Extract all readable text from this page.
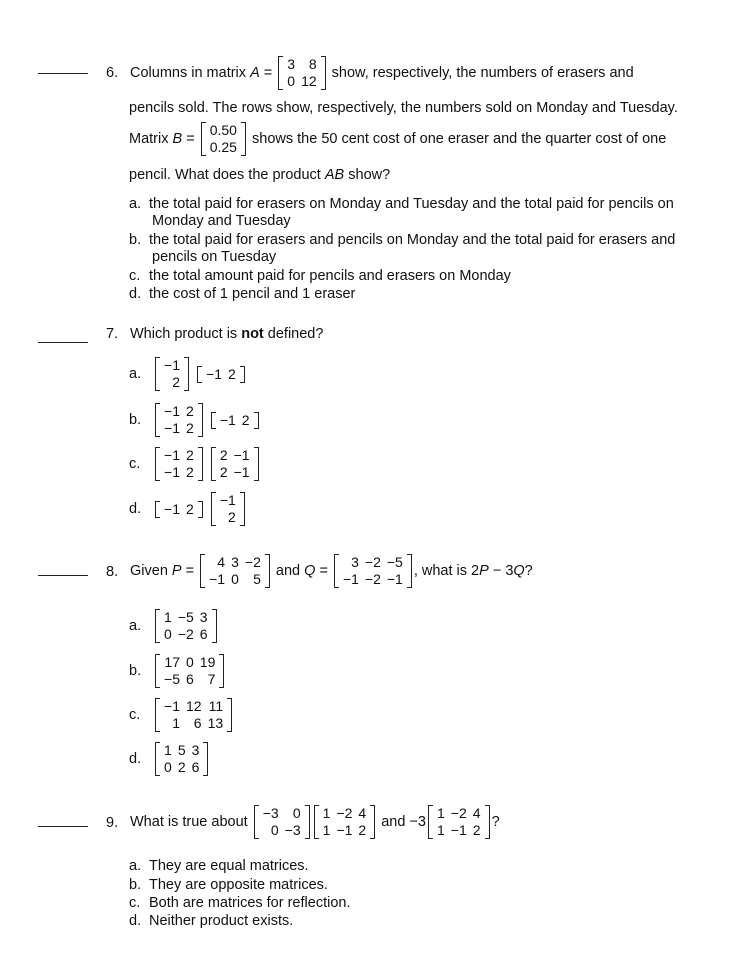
6. Columns in matrix A =
3	8
0	12
show, respectively, the numbers of erasers and
pencils sold. The rows show, respectively, the numbers sold on Monday and Tuesday.
Matrix B =
0.50
0.25
shows the 50 cent cost of one eraser and the quarter cost of one
pencil. What does the product AB show?
a. the total paid for erasers on Monday and Tuesday and the total paid for pencils on
Monday and Tuesday
b. the total paid for erasers and pencils on Monday and the total paid for erasers and
pencils on Tuesday
c. the total amount paid for pencils and erasers on Monday
d. the cost of 1 pencil and 1 eraser
7. Which product is not defined?
a.
−1
2

−1	2
b.
−1	2
−1	2

−1	2
c.
−1	2
−1	2

2	−1
2	−1
d. −1	2

−1
2
8. Given P =
4	3	−2
−1	0	5
and Q =
3	−2	−5
−1	−2	−1
, what is 2P − 3Q?
a.
1	−5	3
0	−2	6
b.
17	0	19
−5	6	7
c.
−1	12	11
1	6	13
d.
1	5	3
0	2	6
9. What is true about
−3	0
0	−3
1	−2	4
1	−1	2
and −3
1	−2	4
1	−1	2
?
a. They are equal matrices.
b. They are opposite matrices.
c. Both are matrices for reflection.
d. Neither product exists.
